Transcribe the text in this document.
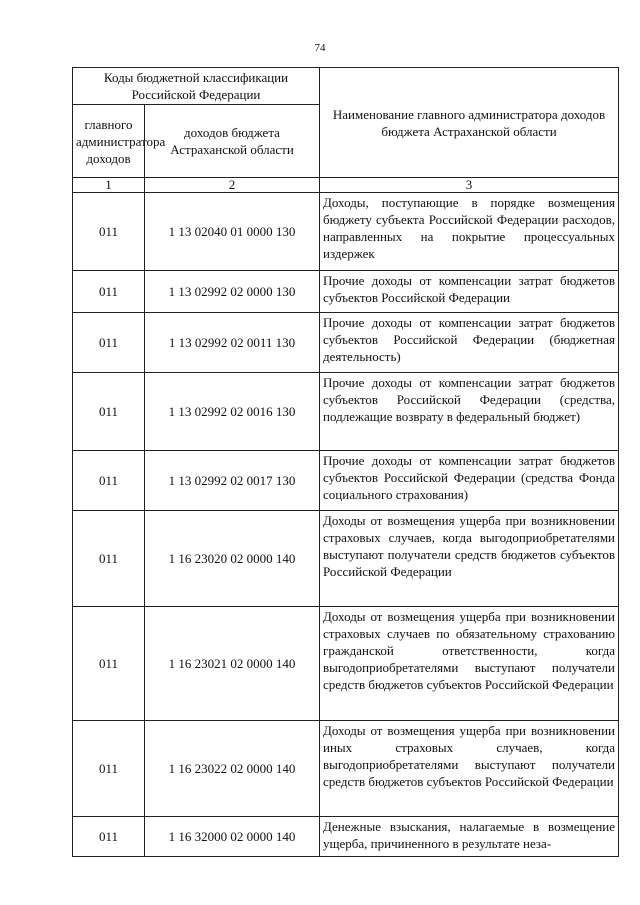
74
Коды бюджетной классификации Российской Федерации		Наименование главного администратора доходов бюджета Астраханской области
главного администратора доходов	доходов бюджета Астраханской области	
1	2	3
011	1 13 02040 01 0000 130	Доходы, поступающие в порядке возмещения бюджету субъекта Российской Федерации расходов, направленных на покрытие процессуальных издержек
011	1 13 02992 02 0000 130	Прочие доходы от компенсации затрат бюджетов субъектов Российской Федерации
011	1 13 02992 02 0011 130	Прочие доходы от компенсации затрат бюджетов субъектов Российской Федерации (бюджетная деятельность)
011	1 13 02992 02 0016 130	Прочие доходы от компенсации затрат бюджетов субъектов Российской Федерации (средства, подлежащие возврату в федеральный бюджет)
011	1 13 02992 02 0017 130	Прочие доходы от компенсации затрат бюджетов субъектов Российской Федерации (средства Фонда социального страхования)
011	1 16 23020 02 0000 140	Доходы от возмещения ущерба при возникновении страховых случаев, когда выгодоприобретателями выступают получатели средств бюджетов субъектов Российской Федерации
011	1 16 23021 02 0000 140	Доходы от возмещения ущерба при возникновении страховых случаев по обязательному страхованию гражданской ответственности, когда выгодоприобретателями выступают получатели средств бюджетов субъектов Российской Федерации
011	1 16 23022 02 0000 140	Доходы от возмещения ущерба при возникновении иных страховых случаев, когда выгодоприобретателями выступают получатели средств бюджетов субъектов Российской Федерации
011	1 16 32000 02 0000 140	Денежные взыскания, налагаемые в возмещение ущерба, причиненного в результате неза-
